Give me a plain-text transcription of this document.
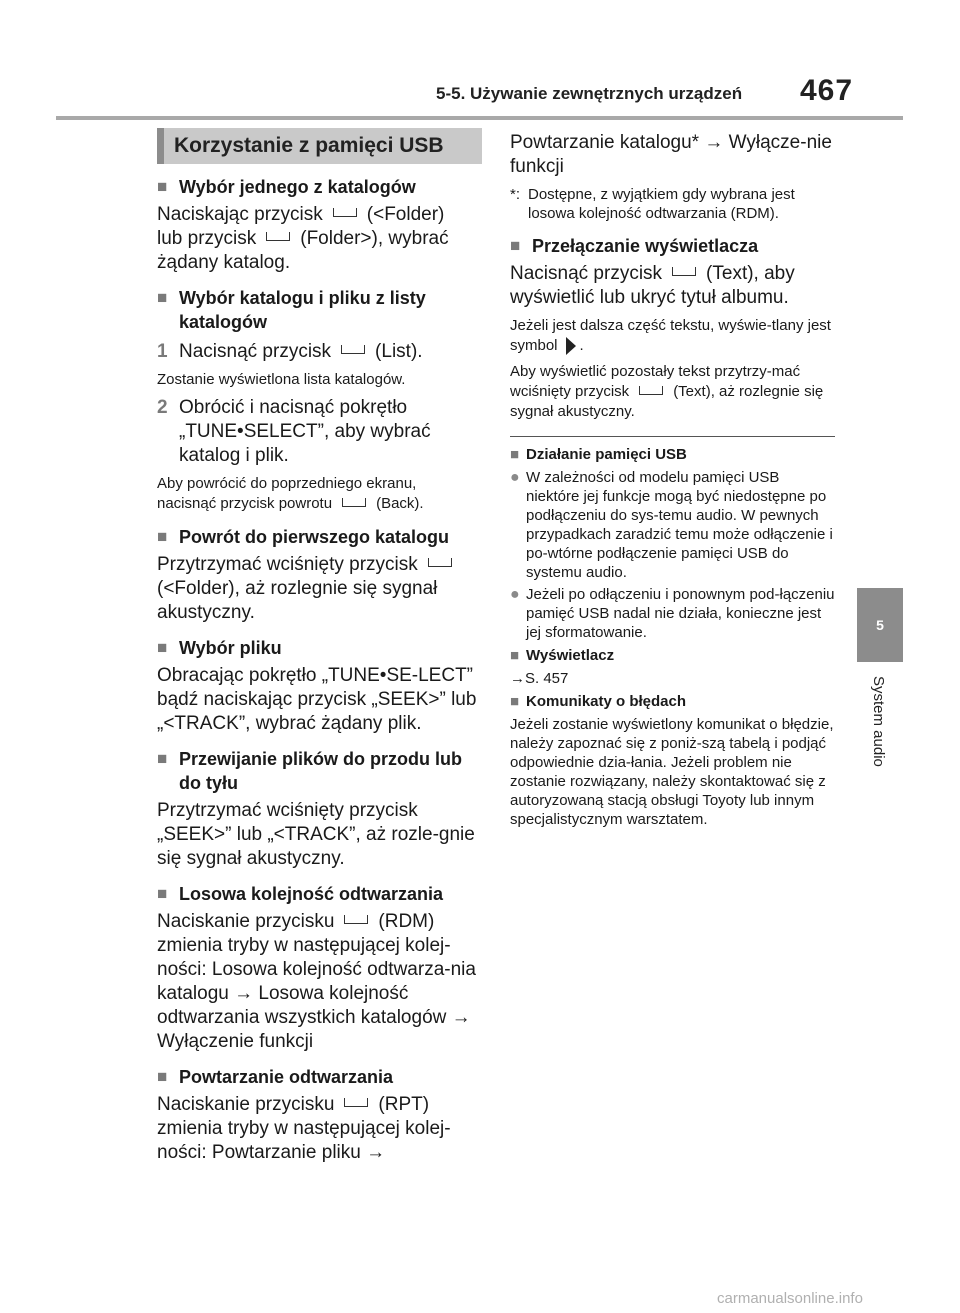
5-5. Używanie zewnętrznych urządzeń 467
5
System audio
Korzystanie z pamięci USB
■ Wybór jednego z katalogów
Naciskając przycisk (<Folder)
lub przycisk (Folder>), wybrać
żądany katalog.
■ Wybór katalogu i pliku z listy katalogów
1 Nacisnąć przycisk (List).
Zostanie wyświetlona lista katalogów.
2 Obrócić i nacisnąć pokrętło „TUNE•SELECT”, aby wybrać katalog i plik.
Aby powrócić do poprzedniego ekranu,
nacisnąć przycisk powrotu	(Back).
■ Powrót do pierwszego katalogu
Przytrzymać wciśnięty przycisk
(<Folder), aż rozlegnie się sygnał akustyczny.
■ Wybór pliku
Obracając pokrętło „TUNE•SE-LECT” bądź naciskając przycisk „SEEK>” lub „<TRACK”, wybrać żądany plik.
■ Przewijanie plików do przodu lub do tyłu
Przytrzymać wciśnięty przycisk „SEEK>” lub „<TRACK”, aż rozle-gnie się sygnał akustyczny.
■ Losowa kolejność odtwarzania
Naciskanie przycisku (RDM) zmienia tryby w następującej kolej-ności: Losowa kolejność odtwarza-nia katalogu → Losowa kolejność odtwarzania wszystkich katalogów → Wyłączenie funkcji
■ Powtarzanie odtwarzania
Naciskanie przycisku (RPT) zmienia tryby w następującej kolej-ności: Powtarzanie pliku →
Powtarzanie katalogu* → Wyłącze-nie funkcji
*: Dostępne, z wyjątkiem gdy wybrana jest losowa kolejność odtwarzania (RDM).
■ Przełączanie wyświetlacza
Nacisnąć przycisk (Text), aby
wyświetlić lub ukryć tytuł albumu.
Jeżeli jest dalsza część tekstu, wyświe-tlany jest symbol .
Aby wyświetlić pozostały tekst przytrzy-mać wciśnięty przycisk	(Text), aż rozlegnie się sygnał akustyczny.
■ Działanie pamięci USB
● W zależności od modelu pamięci USB niektóre jej funkcje mogą być niedostępne po podłączeniu do sys-temu audio. W pewnych przypadkach zaradzić temu może odłączenie i po-wtórne podłączenie pamięci USB do systemu audio.
● Jeżeli po odłączeniu i ponownym pod-łączeniu pamięć USB nadal nie działa, konieczne jest jej sformatowanie.
■ Wyświetlacz
→S. 457
■ Komunikaty o błędach
Jeżeli zostanie wyświetlony komunikat o błędzie, należy zapoznać się z poniż-szą tabelą i podjąć odpowiednie dzia-łania. Jeżeli problem nie zostanie rozwiązany, należy skontaktować się z autoryzowaną stacją obsługi Toyoty lub innym specjalistycznym warsztatem.
carmanualsonline.info
